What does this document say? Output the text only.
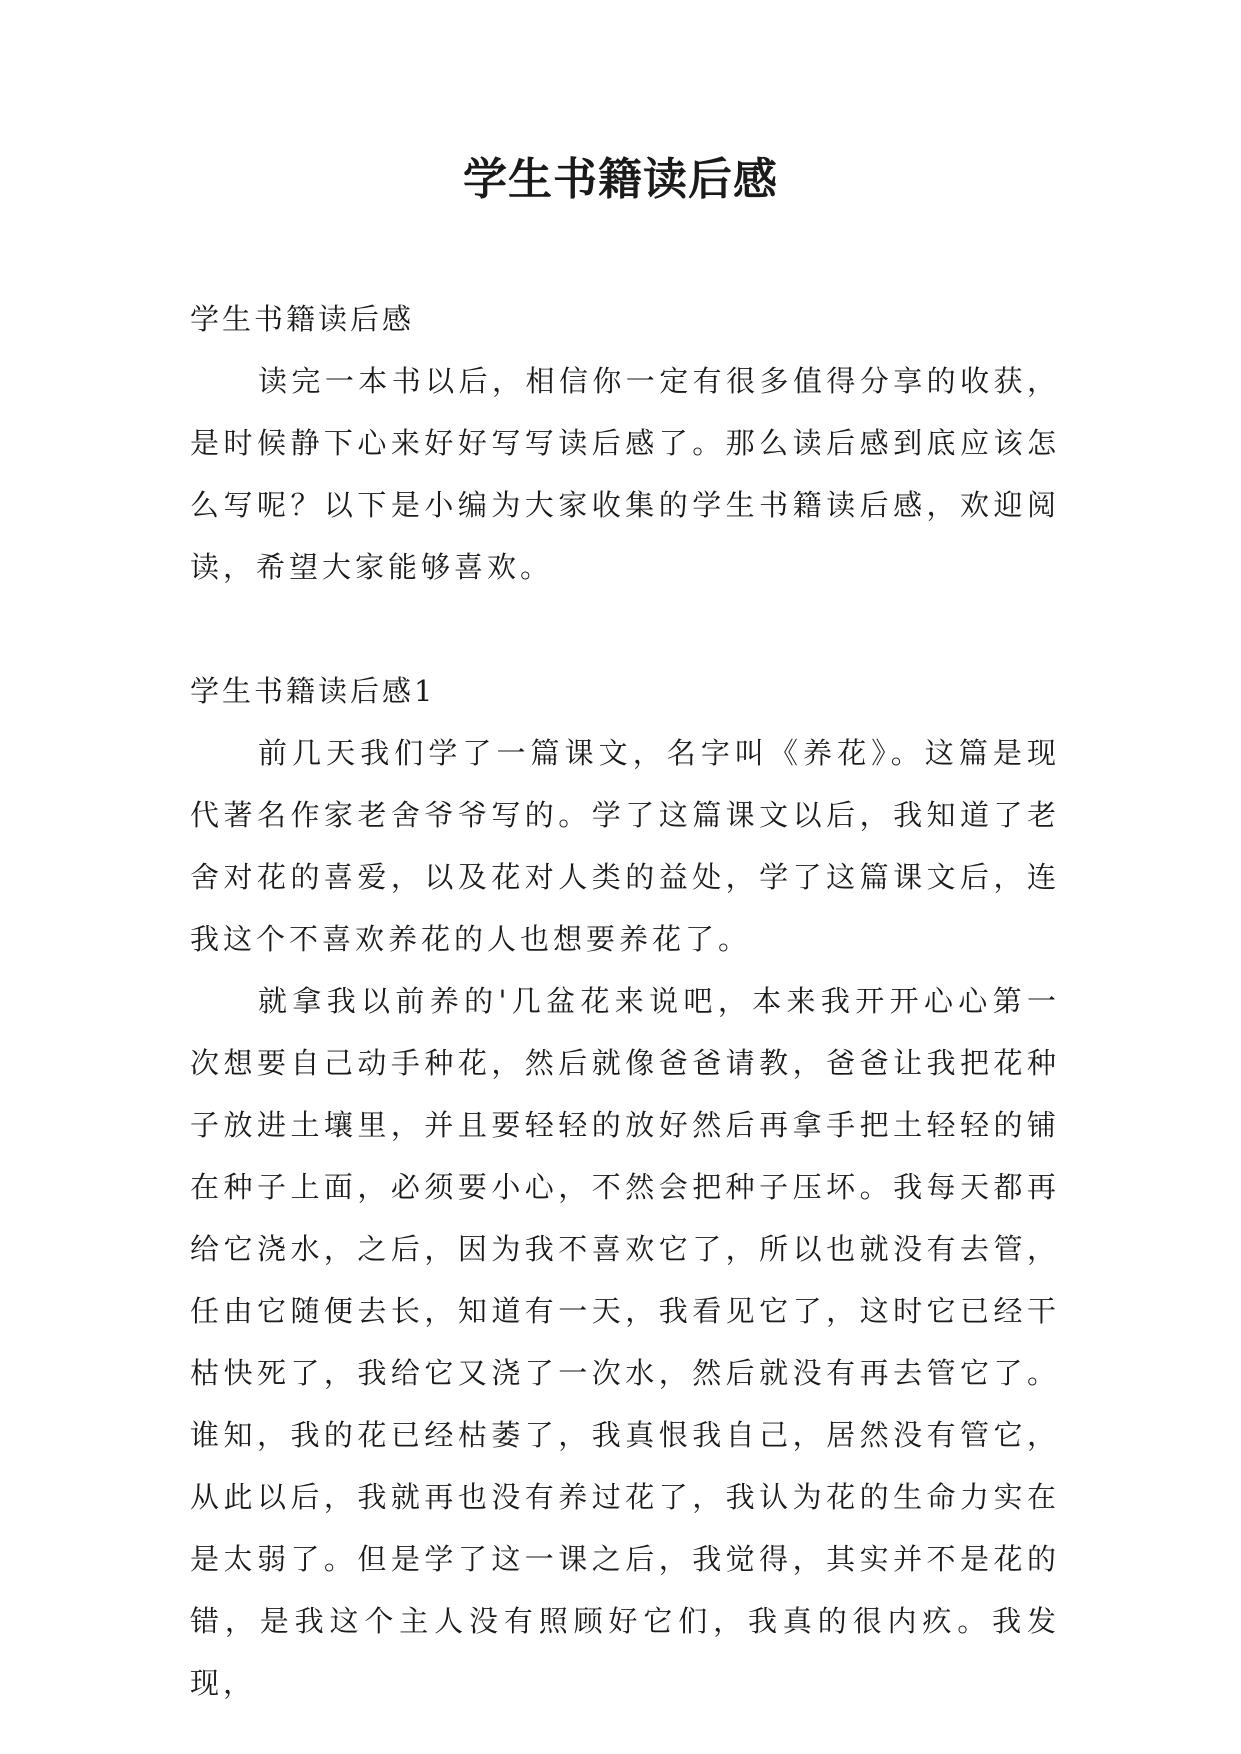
学生书籍读后感

学生书籍读后感

读完一本书以后，相信你一定有很多值得分享的收获，是时候静下心来好好写写读后感了。那么读后感到底应该怎么写呢？以下是小编为大家收集的学生书籍读后感，欢迎阅读，希望大家能够喜欢。

学生书籍读后感1

前几天我们学了一篇课文，名字叫《养花》。这篇是现代著名作家老舍爷爷写的。学了这篇课文以后，我知道了老舍对花的喜爱，以及花对人类的益处，学了这篇课文后，连我这个不喜欢养花的人也想要养花了。

就拿我以前养的'几盆花来说吧，本来我开开心心第一次想要自己动手种花，然后就像爸爸请教，爸爸让我把花种子放进土壤里，并且要轻轻的放好然后再拿手把土轻轻的铺在种子上面，必须要小心，不然会把种子压坏。我每天都再给它浇水，之后，因为我不喜欢它了，所以也就没有去管，任由它随便去长，知道有一天，我看见它了，这时它已经干枯快死了，我给它又浇了一次水，然后就没有再去管它了。谁知，我的花已经枯萎了，我真恨我自己，居然没有管它，从此以后，我就再也没有养过花了，我认为花的生命力实在是太弱了。但是学了这一课之后，我觉得，其实并不是花的错，是我这个主人没有照顾好它们，我真的很内疚。我发现，
